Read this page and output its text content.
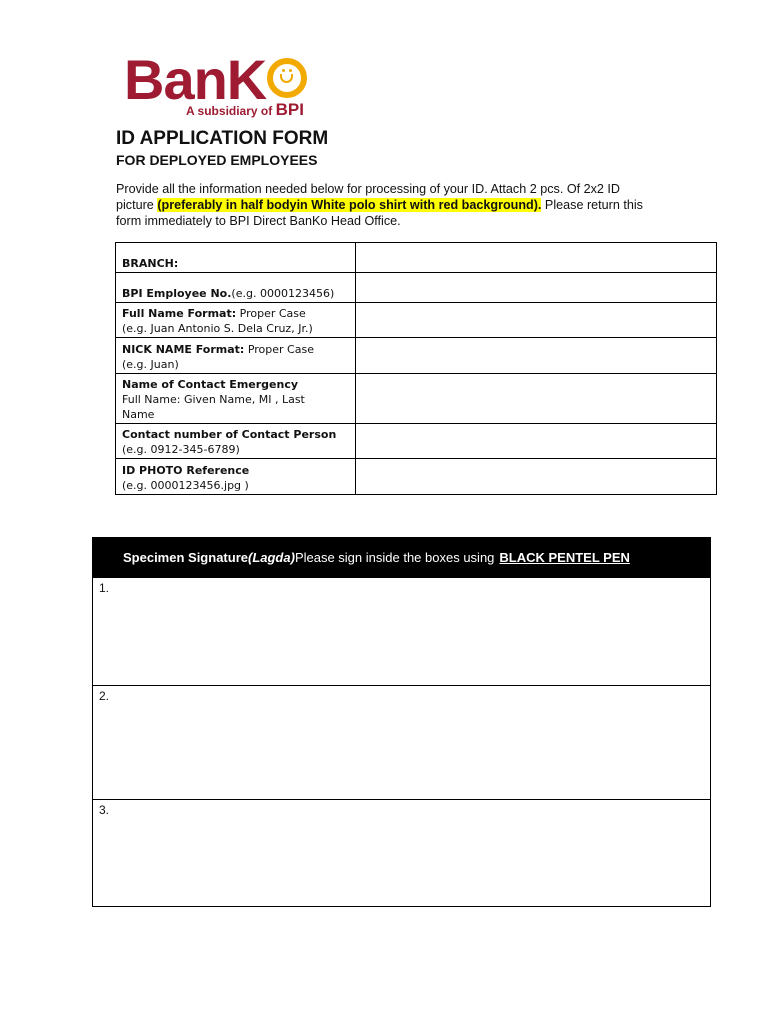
BanK
A subsidiary of BPI
ID APPLICATION FORM
FOR DEPLOYED EMPLOYEES

Provide all the information needed below for processing of your ID. Attach 2 pcs. Of 2x2 ID picture (preferably in half bodyin White polo shirt with red background). Please return this form immediately to BPI Direct BanKo Head Office.

BRANCH:	
BPI Employee No.(e.g. 0000123456)	
Full Name Format: Proper Case
(e.g. Juan Antonio S. Dela Cruz, Jr.)	
NICK NAME Format: Proper Case
(e.g. Juan)	
Name of Contact Emergency
Full Name: Given Name, MI , Last
Name	
Contact number of Contact Person
(e.g. 0912-345-6789)	
ID PHOTO Reference
(e.g. 0000123456.jpg )	
Specimen Signature (Lagda) Please sign inside the boxes using BLACK PENTEL PEN
1.
2.
3.
